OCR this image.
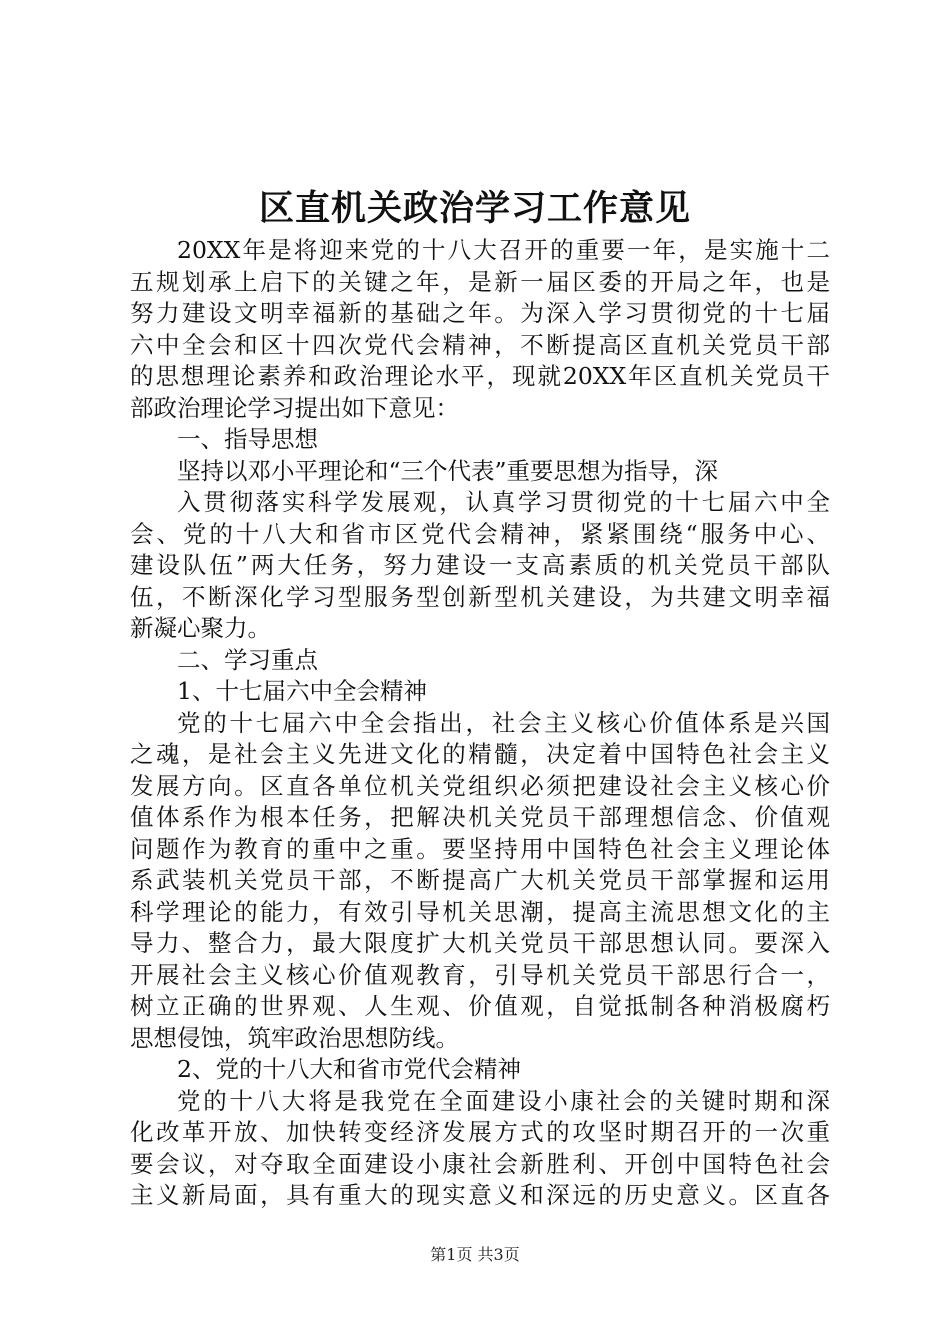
区直机关政治学习工作意见
20XX年是将迎来党的十八大召开的重要一年，是实施十二
五规划承上启下的关键之年，是新一届区委的开局之年，也是
努力建设文明幸福新的基础之年。为深入学习贯彻党的十七届
六中全会和区十四次党代会精神，不断提高区直机关党员干部
的思想理论素养和政治理论水平，现就20XX年区直机关党员干
部政治理论学习提出如下意见：
一、指导思想
坚持以邓小平理论和“三个代表”重要思想为指导，深
入贯彻落实科学发展观，认真学习贯彻党的十七届六中全
会、党的十八大和省市区党代会精神，紧紧围绕“服务中心、
建设队伍”两大任务，努力建设一支高素质的机关党员干部队
伍，不断深化学习型服务型创新型机关建设，为共建文明幸福
新凝心聚力。
二、学习重点
1、十七届六中全会精神
党的十七届六中全会指出，社会主义核心价值体系是兴国
之魂，是社会主义先进文化的精髓，决定着中国特色社会主义
发展方向。区直各单位机关党组织必须把建设社会主义核心价
值体系作为根本任务，把解决机关党员干部理想信念、价值观
问题作为教育的重中之重。要坚持用中国特色社会主义理论体
系武装机关党员干部，不断提高广大机关党员干部掌握和运用
科学理论的能力，有效引导机关思潮，提高主流思想文化的主
导力、整合力，最大限度扩大机关党员干部思想认同。要深入
开展社会主义核心价值观教育，引导机关党员干部思行合一，
树立正确的世界观、人生观、价值观，自觉抵制各种消极腐朽
思想侵蚀，筑牢政治思想防线。
2、党的十八大和省市党代会精神
党的十八大将是我党在全面建设小康社会的关键时期和深
化改革开放、加快转变经济发展方式的攻坚时期召开的一次重
要会议，对夺取全面建设小康社会新胜利、开创中国特色社会
主义新局面，具有重大的现实意义和深远的历史意义。区直各
第1页 共3页
